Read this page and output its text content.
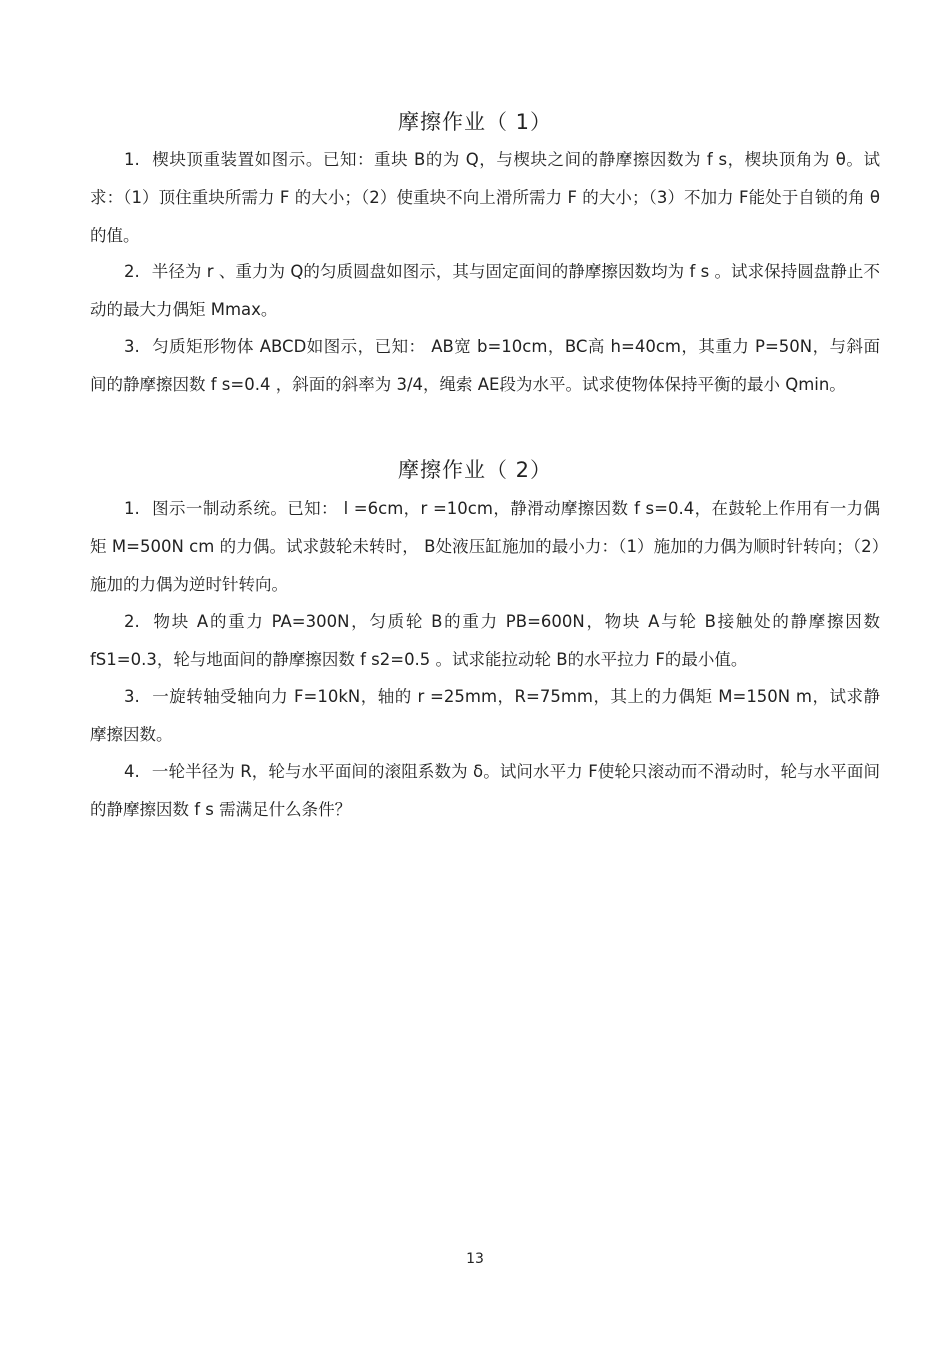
摩擦作业（ 1）
1. 楔块顶重装置如图示。已知：重块 B的为 Q，与楔块之间的静摩擦因数为 f s，楔块顶角为 θ。试求：（1）顶住重块所需力 F 的大小；（2）使重块不向上滑所需力 F 的大小；（3）不加力 F能处于自锁的角 θ的值。
2. 半径为 r 、重力为 Q的匀质圆盘如图示，其与固定面间的静摩擦因数均为 f s 。试求保持圆盘静止不动的最大力偶矩 Mmax。
3. 匀质矩形物体 ABCD如图示，已知： AB宽 b=10cm，BC高 h=40cm，其重力 P=50N，与斜面间的静摩擦因数 f s=0.4 ，斜面的斜率为 3/4，绳索 AE段为水平。试求使物体保持平衡的最小 Qmin。
摩擦作业（ 2）
1. 图示一制动系统。已知： l =6cm，r =10cm，静滑动摩擦因数 f s=0.4，在鼓轮上作用有一力偶矩 M=500N cm 的力偶。试求鼓轮未转时， B处液压缸施加的最小力：（1）施加的力偶为顺时针转向；（2）施加的力偶为逆时针转向。
2. 物块 A的重力 PA=300N，匀质轮 B的重力 PB=600N，物块 A与轮 B接触处的静摩擦因数 fS1=0.3，轮与地面间的静摩擦因数 f s2=0.5 。试求能拉动轮 B的水平拉力 F的最小值。
3. 一旋转轴受轴向力 F=10kN，轴的 r =25mm，R=75mm，其上的力偶矩 M=150N m，试求静摩擦因数。
4. 一轮半径为 R，轮与水平面间的滚阻系数为 δ。试问水平力 F使轮只滚动而不滑动时，轮与水平面间的静摩擦因数 f s 需满足什么条件？
13
